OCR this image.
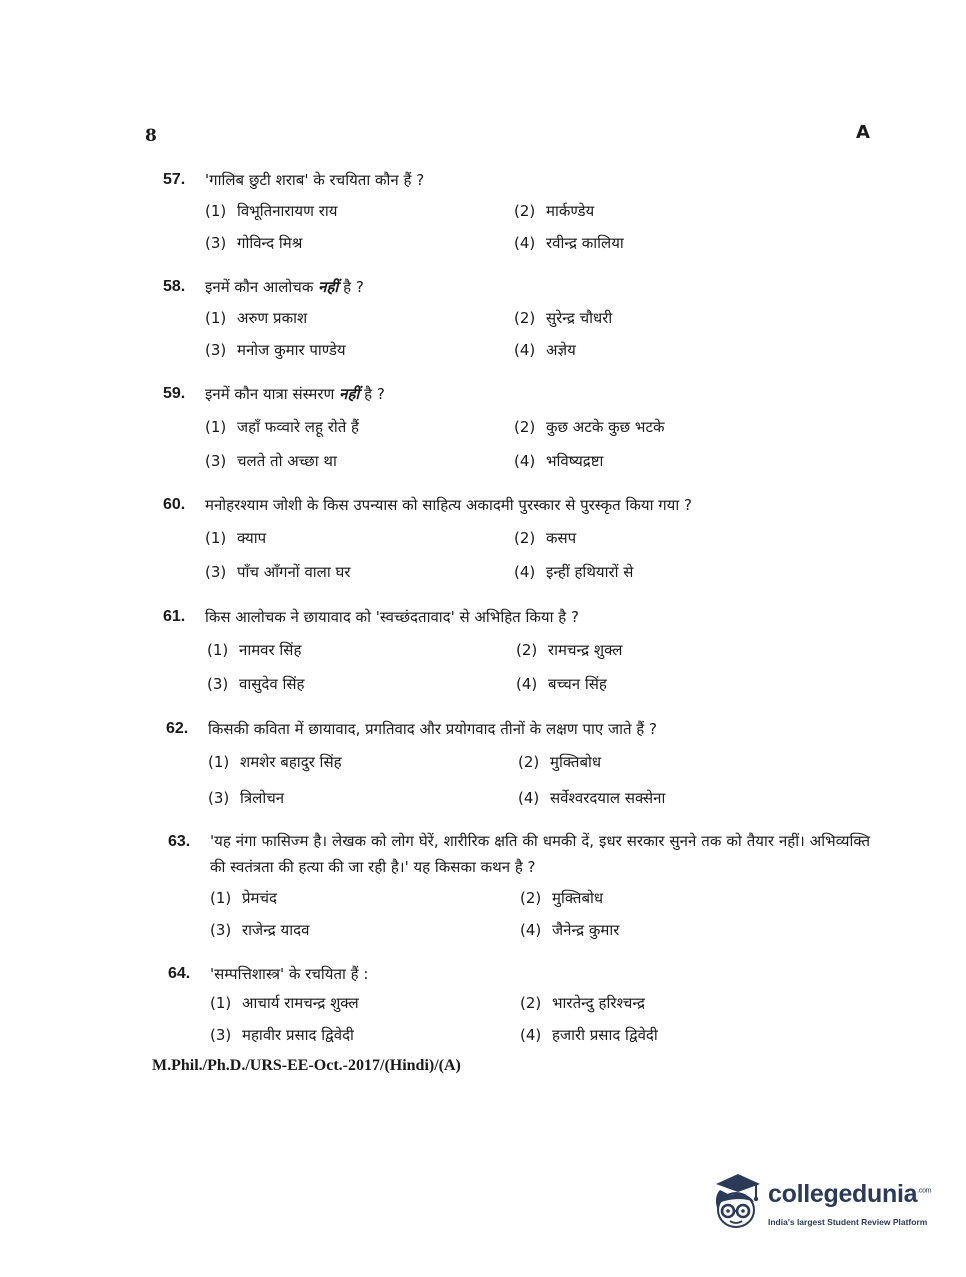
8	A
57. 'गालिब छुटी शराब' के रचयिता कौन हैं ?
(1) विभूतिनारायण राय	(2) मार्कण्डेय
(3) गोविन्द मिश्र	(4) रवीन्द्र कालिया
58. इनमें कौन आलोचक नहीं है ?
(1) अरुण प्रकाश	(2) सुरेन्द्र चौधरी
(3) मनोज कुमार पाण्डेय	(4) अज्ञेय
59. इनमें कौन यात्रा संस्मरण नहीं है ?
(1) जहाँ फव्वारे लहू रोते हैं	(2) कुछ अटके कुछ भटके
(3) चलते तो अच्छा था	(4) भविष्यद्रष्टा
60. मनोहरश्याम जोशी के किस उपन्यास को साहित्य अकादमी पुरस्कार से पुरस्कृत किया गया ?
(1) क्याप	(2) कसप
(3) पाँच आँगनों वाला घर	(4) इन्हीं हथियारों से
61. किस आलोचक ने छायावाद को 'स्वच्छंदतावाद' से अभिहित किया है ?
(1) नामवर सिंह	(2) रामचन्द्र शुक्ल
(3) वासुदेव सिंह	(4) बच्चन सिंह
62. किसकी कविता में छायावाद, प्रगतिवाद और प्रयोगवाद तीनों के लक्षण पाए जाते हैं ?
(1) शमशेर बहादुर सिंह	(2) मुक्तिबोध
(3) त्रिलोचन	(4) सर्वेश्वरदयाल सक्सेना
63. 'यह नंगा फासिज्म है। लेखक को लोग घेरें, शारीरिक क्षति की धमकी दें, इधर सरकार सुनने तक को तैयार नहीं। अभिव्यक्ति की स्वतंत्रता की हत्या की जा रही है।' यह किसका कथन है ?
(1) प्रेमचंद	(2) मुक्तिबोध
(3) राजेन्द्र यादव	(4) जैनेन्द्र कुमार
64. 'सम्पत्तिशास्त्र' के रचयिता हैं :
(1) आचार्य रामचन्द्र शुक्ल	(2) भारतेन्दु हरिश्चन्द्र
(3) महावीर प्रसाद द्विवेदी	(4) हजारी प्रसाद द्विवेदी
M.Phil./Ph.D./URS-EE-Oct.-2017/(Hindi)/(A)
collegedunia$^{.com}$
India's largest Student Review Platform
